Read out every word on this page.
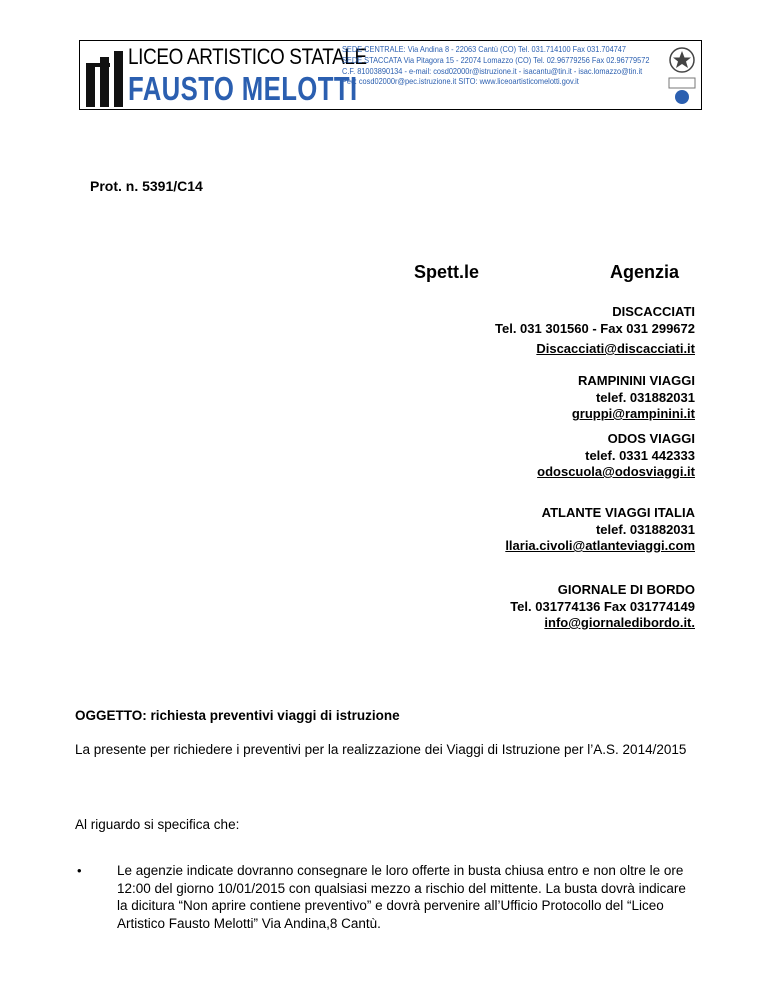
LICEO ARTISTICO STATALE
FAUSTO MELOTTI
SEDE CENTRALE: Via Andina 8 - 22063 Cantù (CO) Tel. 031.714100 Fax 031.704747
SEDE STACCATA Via Pitagora 15 - 22074 Lomazzo (CO) Tel. 02.96779256 Fax 02.96779572
C.F. 81003890134 - e-mail: cosd02000r@istruzione.it - isacantu@tin.it - isac.lomazzo@tin.it
Pec: cosd02000r@pec.istruzione.it SITO: www.liceoartisticomelotti.gov.it
Prot. n. 5391/C14
Spett.le	Agenzia
DISCACCIATI
Tel. 031 301560 - Fax 031 299672
Discacciati@discacciati.it
RAMPININI VIAGGI
telef. 031882031
gruppi@rampinini.it
ODOS VIAGGI
telef. 0331 442333
odoscuola@odosviaggi.it
ATLANTE VIAGGI ITALIA
telef. 031882031
llaria.civoli@atlanteviaggi.com
GIORNALE DI BORDO
Tel. 031774136 Fax 031774149
info@giornaledibordo.it.
OGGETTO: richiesta preventivi viaggi di istruzione
La presente per richiedere i preventivi per la realizzazione dei Viaggi di Istruzione per l’A.S. 2014/2015
Al riguardo si specifica che:
•	Le agenzie indicate dovranno consegnare le loro offerte in busta chiusa entro e non oltre le ore 12:00 del giorno 10/01/2015 con qualsiasi mezzo a rischio del mittente. La busta dovrà indicare la dicitura “Non aprire contiene preventivo” e dovrà pervenire all’Ufficio Protocollo del “Liceo Artistico Fausto Melotti” Via Andina,8 Cantù.
